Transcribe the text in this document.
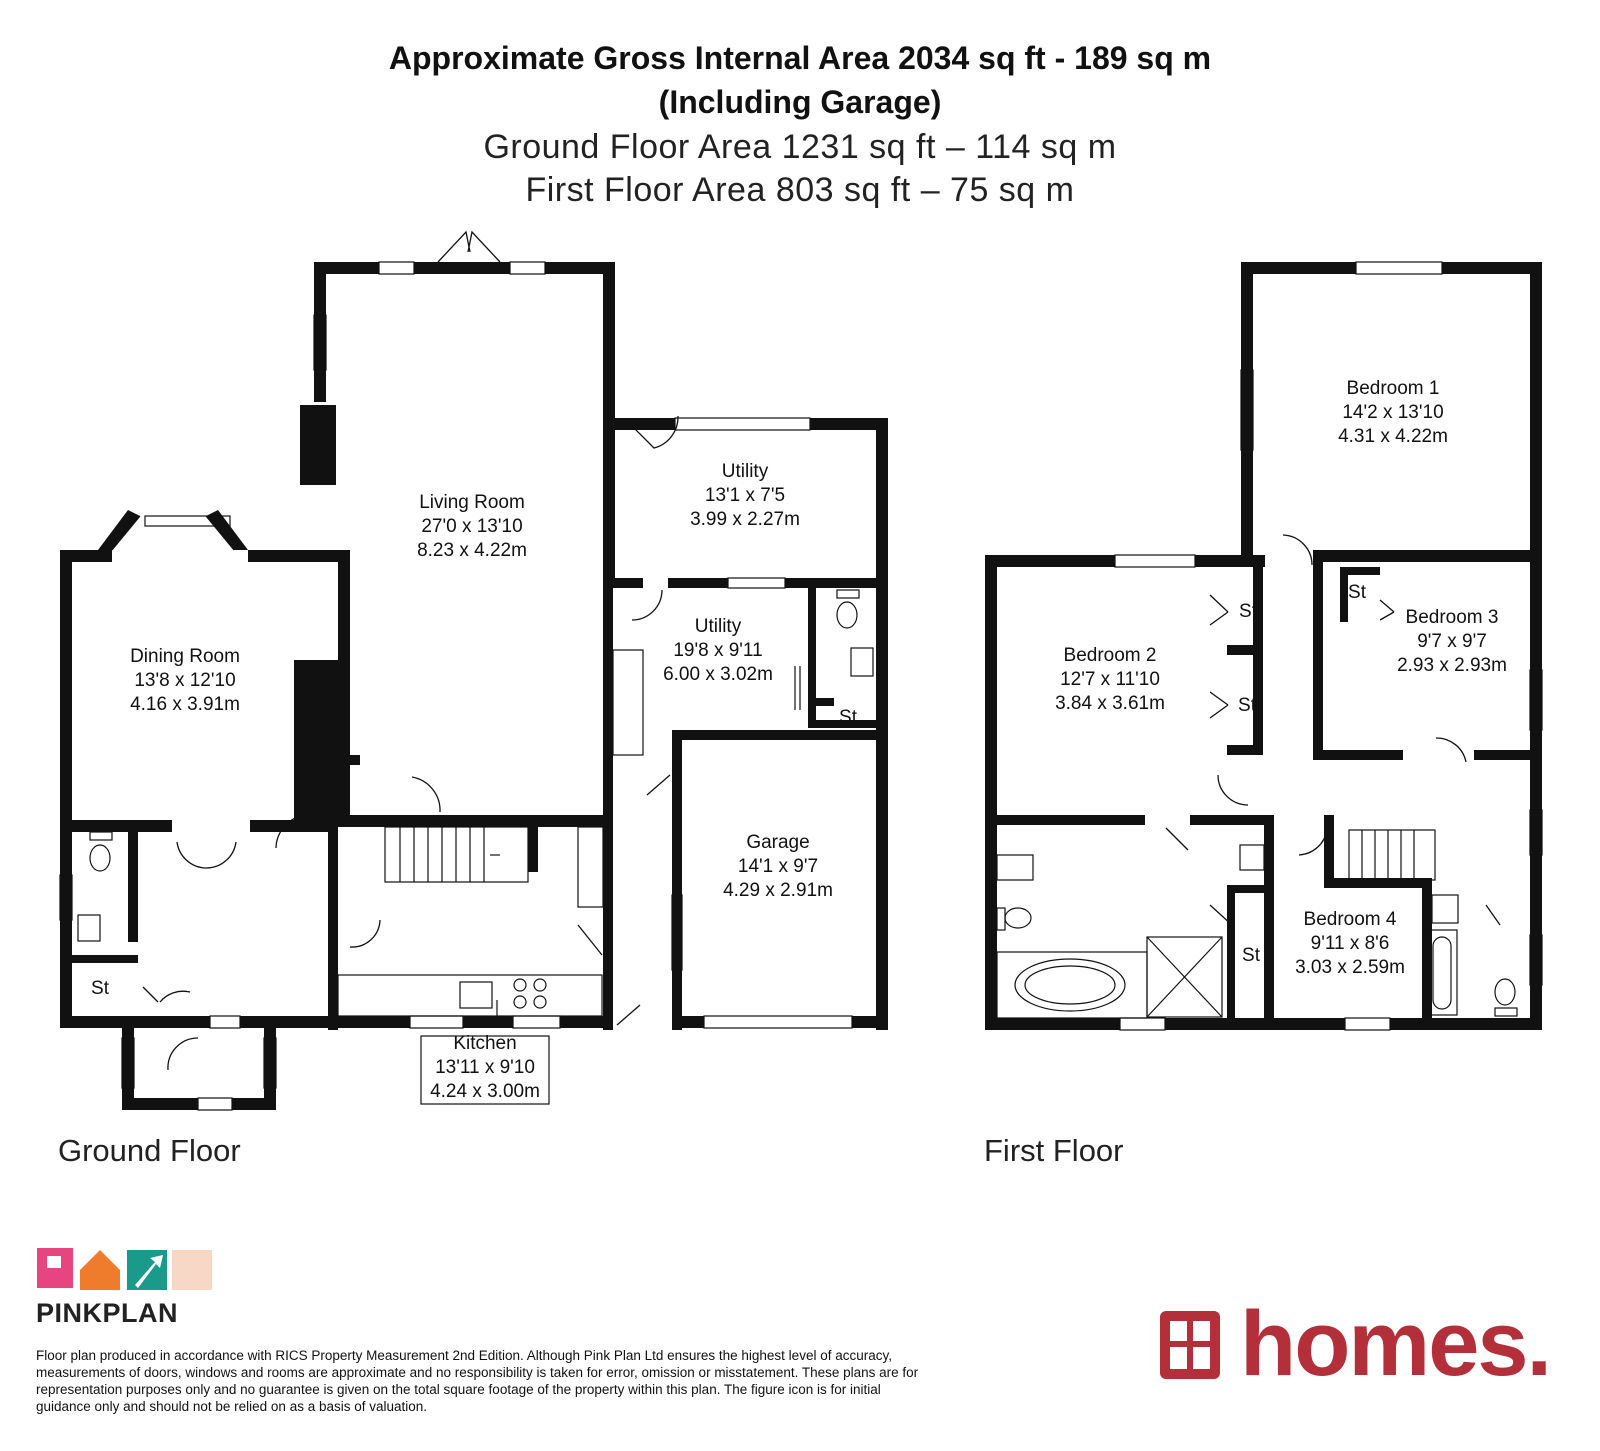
Approximate Gross Internal Area 2034 sq ft - 189 sq m
(Including Garage)
Ground Floor Area 1231 sq ft – 114 sq m
First Floor Area 803 sq ft – 75 sq m
Living Room
27'0 x 13'10
8.23 x 4.22m
Dining Room
13'8 x 12'10
4.16 x 3.91m
Utility
13'1 x 7'5
3.99 x 2.27m
Utility
19'8 x 9'11
6.00 x 3.02m
Garage
14'1 x 9'7
4.29 x 2.91m
Kitchen
13'11 x 9'10
4.24 x 3.00m
St
St
Bedroom 1
14'2 x 13'10
4.31 x 4.22m
Bedroom 2
12'7 x 11'10
3.84 x 3.61m
Bedroom 3
9'7 x 9'7
2.93 x 2.93m
Bedroom 4
9'11 x 8'6
3.03 x 2.59m
St
St
St
St
Ground Floor	First Floor
PINKPLAN	homes.
Floor plan produced in accordance with RICS Property Measurement 2nd Edition. Although Pink Plan Ltd ensures the highest level of accuracy, measurements of doors, windows and rooms are approximate and no responsibility is taken for error, omission or misstatement. These plans are for representation purposes only and no guarantee is given on the total square footage of the property within this plan. The figure icon is for initial guidance only and should not be relied on as a basis of valuation.
